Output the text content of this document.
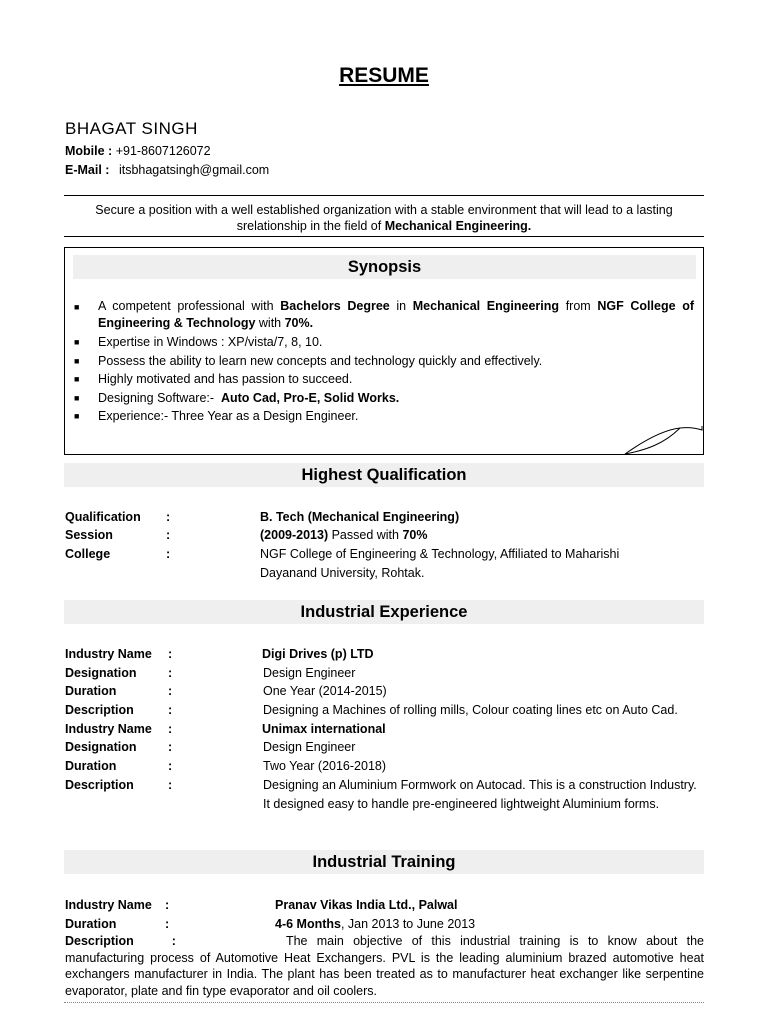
RESUME
BHAGAT SINGH
Mobile : +91-8607126072
E-Mail : itsbhagatsingh@gmail.com
Secure a position with a well established organization with a stable environment that will lead to a lasting srelationship in the field of Mechanical Engineering.
Synopsis
■	A competent professional with Bachelors Degree in Mechanical Engineering from NGF College of Engineering & Technology with 70%.
■	Expertise in Windows : XP/vista/7, 8, 10.
■	Possess the ability to learn new concepts and technology quickly and effectively.
■	Highly motivated and has passion to succeed.
■	Designing Software:-  Auto Cad, Pro-E, Solid Works.
■	Experience:- Three Year as a Design Engineer.
Highest Qualification
Qualification :	B. Tech (Mechanical Engineering)
Session	:	(2009-2013) Passed with 70%
College	:	NGF College of Engineering & Technology, Affiliated to Maharishi Dayanand University, Rohtak.
Industrial Experience
Industry Name :	Digi Drives (p) LTD
Designation	:	Design Engineer
Duration	:	One Year (2014-2015)
Description	:	Designing a Machines of rolling mills, Colour coating lines etc on Auto Cad.
Industry Name :	Unimax international
Designation	:	Design Engineer
Duration	:	Two Year (2016-2018)
Description	:	Designing an Aluminium Formwork on Autocad. This is a construction Industry. It designed easy to handle pre-engineered lightweight Aluminium forms.
Industrial Training
Industry Name :	Pranav Vikas India Ltd., Palwal
Duration	:	4-6 Months, Jan 2013 to June 2013
Description	:	The main objective of this industrial training is to know about the manufacturing process of Automotive Heat Exchangers. PVL is the leading aluminium brazed automotive heat exchangers manufacturer in India. The plant has been treated as to manufacturer heat exchanger like serpentine evaporator, plate and fin type evaporator and oil coolers.
